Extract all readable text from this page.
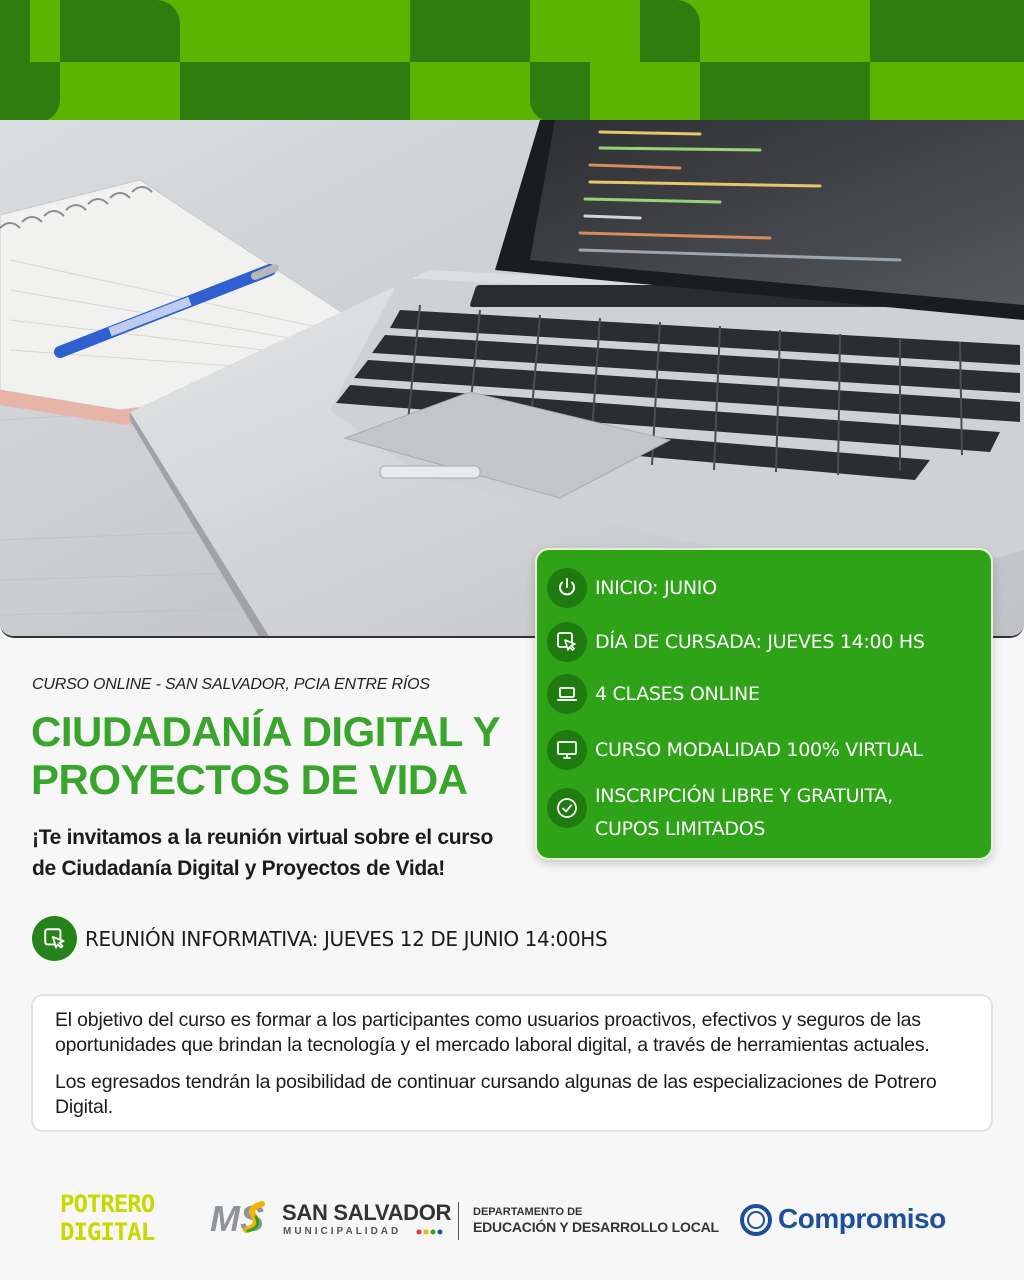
INICIO: JUNIO
DÍA DE CURSADA: JUEVES 14:00 HS
4 CLASES ONLINE
CURSO MODALIDAD 100% VIRTUAL
INSCRIPCIÓN LIBRE Y GRATUITA,
CUPOS LIMITADOS
CURSO ONLINE - SAN SALVADOR, PCIA ENTRE RÍOS
CIUDADANÍA DIGITAL Y
PROYECTOS DE VIDA
¡Te invitamos a la reunión virtual sobre el curso
de Ciudadanía Digital y Proyectos de Vida!
REUNIÓN INFORMATIVA: JUEVES 12 DE JUNIO 14:00HS

El objetivo del curso es formar a los participantes como usuarios proactivos, efectivos y seguros de las oportunidades que brindan la tecnología y el mercado laboral digital, a través de herramientas actuales.

Los egresados tendrán la posibilidad de continuar cursando algunas de las especializaciones de Potrero Digital.

POTRERO
DIGITAL MS SAN SALVADOR
MUNICIPALIDAD
DEPARTAMENTO DE
EDUCACIÓN Y DESARROLLO LOCAL Compromiso
